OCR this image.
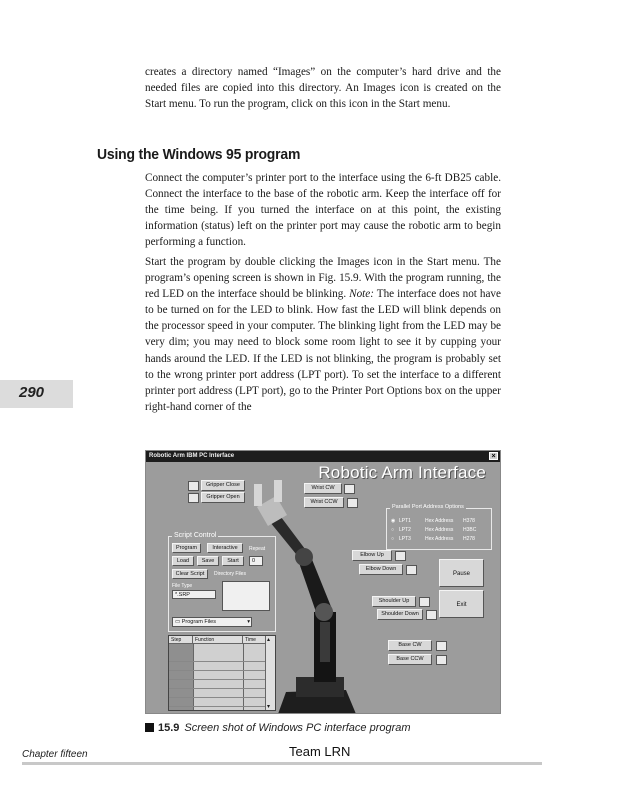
creates a directory named “Images” on the computer’s hard drive and the needed files are copied into this directory. An Images icon is created on the Start menu. To run the program, click on this icon in the Start menu.

Using the Windows 95 program

Connect the computer’s printer port to the interface using the 6-ft DB25 cable. Connect the interface to the base of the robotic arm. Keep the interface off for the time being. If you turned the interface on at this point, the existing information (status) left on the printer port may cause the robotic arm to begin performing a function.

Start the program by double clicking the Images icon in the Start menu. The program’s opening screen is shown in Fig. 15.9. With the program running, the red LED on the interface should be blinking. Note: The interface does not have to be turned on for the LED to blink. How fast the LED will blink depends on the processor speed in your computer. The blinking light from the LED may be very dim; you may need to block some room light to see it by cupping your hands around the LED. If the LED is not blinking, the program is probably set to the wrong printer port address (LPT port). To set the interface to a different printer port address (LPT port), go to the Printer Port Options box on the upper right-hand corner of the

290
Robotic Arm IBM PC Interface	×
Robotic Arm Interface
Gripper Close
Gripper Open
Wrist CW
Wrist CCW
Parallel Port Address Options
◉ LPT1	Hex Address H378
○ LPT2	Hex Address H3BC
○ LPT3	Hex Address H278
Elbow Up
Elbow Down
Pause
Exit
Shoulder Up
Shoulder Down
Base CW
Base CCW
Script Control
Program	Interactive	Repeat
Load	Save	Start	0
Clear Script	Directory Files
File Type
*.SRP
▭ Program Files	▾
Step	Function	Time	▴
▾
15.9 Screen shot of Windows PC interface program
Chapter fifteen	Team LRN
